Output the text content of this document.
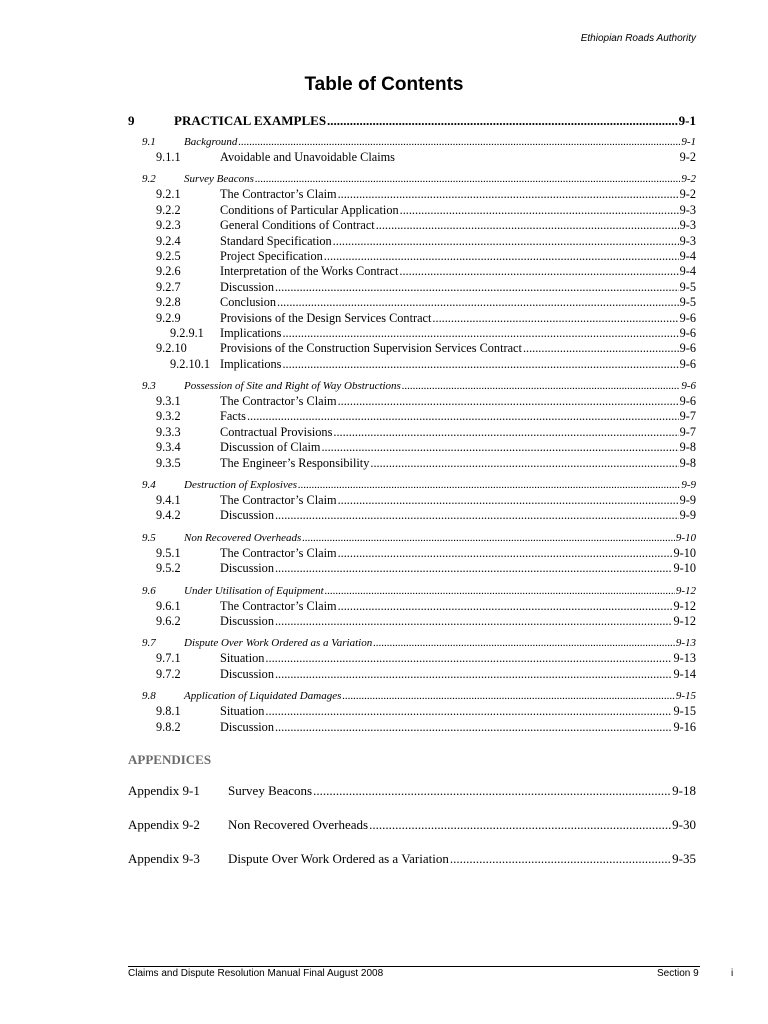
Ethiopian Roads Authority
Table of Contents
9	PRACTICAL EXAMPLES .....	9-1
9.1	Background .....	9-1
9.1.1	Avoidable and Unavoidable Claims	9-2
9.2	Survey Beacons .....	9-2
9.2.1	The Contractor’s Claim .....	9-2
9.2.2	Conditions of Particular Application .....	9-3
9.2.3	General Conditions of Contract .....	9-3
9.2.4	Standard Specification .....	9-3
9.2.5	Project Specification .....	9-4
9.2.6	Interpretation of the Works Contract .....	9-4
9.2.7	Discussion .....	9-5
9.2.8	Conclusion .....	9-5
9.2.9	Provisions of the Design Services Contract .....	9-6
9.2.9.1	Implications .....	9-6
9.2.10	Provisions of the Construction Supervision Services Contract .....	9-6
9.2.10.1 Implications .....	9-6
9.3	Possession of Site and Right of Way Obstructions .....	9-6
9.3.1	The Contractor’s Claim .....	9-6
9.3.2	Facts .....	9-7
9.3.3	Contractual Provisions .....	9-7
9.3.4	Discussion of Claim .....	9-8
9.3.5	The Engineer’s Responsibility .....	9-8
9.4	Destruction of Explosives .....	9-9
9.4.1	The Contractor’s Claim .....	9-9
9.4.2	Discussion .....	9-9
9.5	Non Recovered Overheads .....	9-10
9.5.1	The Contractor’s Claim .....	9-10
9.5.2	Discussion .....	9-10
9.6	Under Utilisation of Equipment .....	9-12
9.6.1	The Contractor’s Claim .....	9-12
9.6.2	Discussion .....	9-12
9.7	Dispute Over Work Ordered as a Variation .....	9-13
9.7.1	Situation .....	9-13
9.7.2	Discussion .....	9-14
9.8	Application of Liquidated Damages .....	9-15
9.8.1	Situation .....	9-15
9.8.2	Discussion .....	9-16
APPENDICES
Appendix 9-1	Survey Beacons .....	9-18
Appendix 9-2	Non Recovered Overheads .....	9-30
Appendix 9-3	Dispute Over Work Ordered as a Variation .....	9-35
Claims and Dispute Resolution Manual Final August 2008	Section 9	i
